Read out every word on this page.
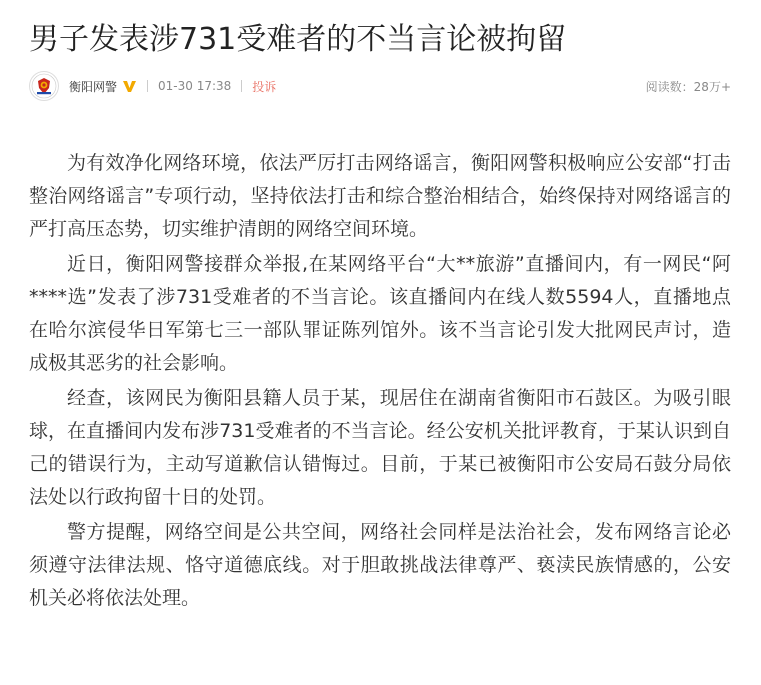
男子发表涉731受难者的不当言论被拘留
衡阳网警	01-30 17:38 投诉	阅读数：28万+

为有效净化网络环境，依法严厉打击网络谣言，衡阳网警积极响应公安部“打击整治网络谣言”专项行动，坚持依法打击和综合整治相结合，始终保持对网络谣言的严打高压态势，切实维护清朗的网络空间环境。

近日，衡阳网警接群众举报,在某网络平台“大**旅游”直播间内，有一网民“阿****选”发表了涉731受难者的不当言论。该直播间内在线人数5594人，直播地点在哈尔滨侵华日军第七三一部队罪证陈列馆外。该不当言论引发大批网民声讨，造成极其恶劣的社会影响。

经查，该网民为衡阳县籍人员于某，现居住在湖南省衡阳市石鼓区。为吸引眼球，在直播间内发布涉731受难者的不当言论。经公安机关批评教育，于某认识到自己的错误行为，主动写道歉信认错悔过。目前，于某已被衡阳市公安局石鼓分局依法处以行政拘留十日的处罚。

警方提醒，网络空间是公共空间，网络社会同样是法治社会，发布网络言论必须遵守法律法规、恪守道德底线。对于胆敢挑战法律尊严、亵渎民族情感的，公安机关必将依法处理。
